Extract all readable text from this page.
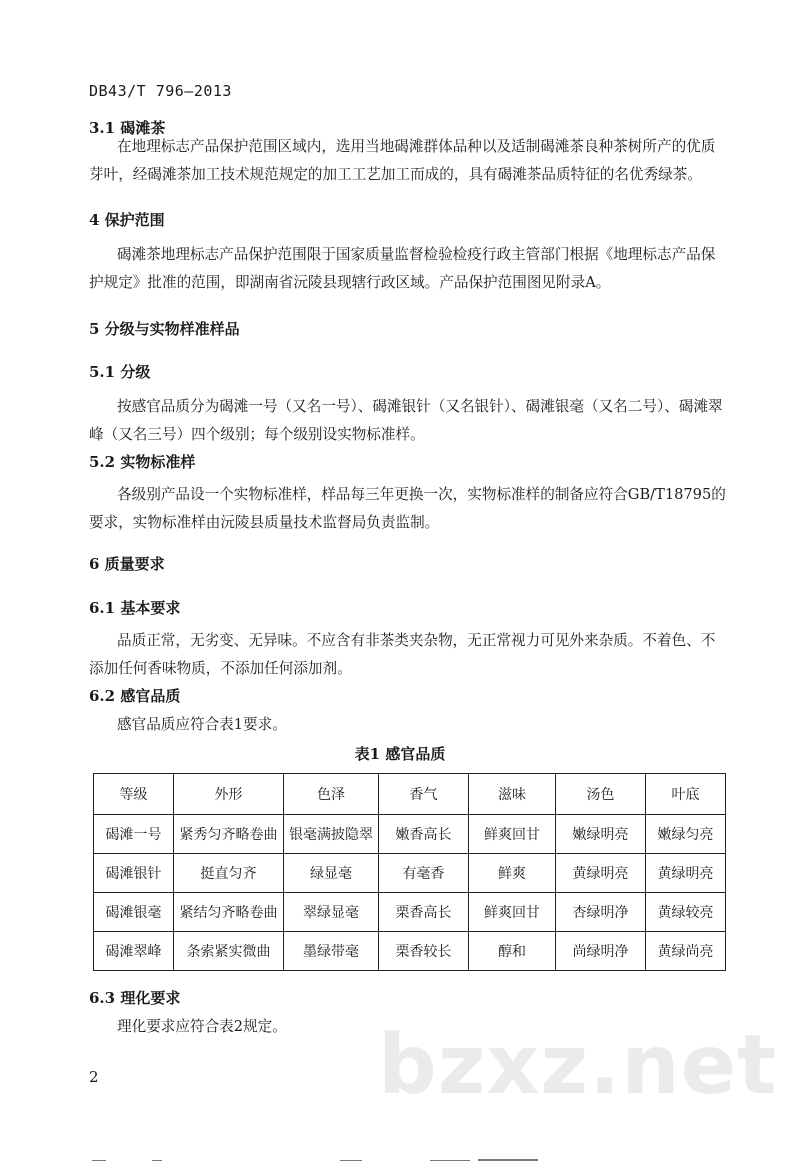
DB43/T 796—2013
3.1 碣滩茶
在地理标志产品保护范围区域内，选用当地碣滩群体品种以及适制碣滩茶良种茶树所产的优质芽叶，经碣滩茶加工技术规范规定的加工工艺加工而成的，具有碣滩茶品质特征的名优秀绿茶。
4 保护范围
碣滩茶地理标志产品保护范围限于国家质量监督检验检疫行政主管部门根据《地理标志产品保护规定》批准的范围，即湖南省沅陵县现辖行政区域。产品保护范围图见附录A。
5 分级与实物样准样品
5.1 分级
按感官品质分为碣滩一号（又名一号）、碣滩银针（又名银针）、碣滩银毫（又名二号）、碣滩翠峰（又名三号）四个级别；每个级别设实物标准样。
5.2 实物标准样
各级别产品设一个实物标准样，样品每三年更换一次，实物标准样的制备应符合GB/T18795的要求，实物标准样由沅陵县质量技术监督局负责监制。
6 质量要求
6.1 基本要求
品质正常，无劣变、无异味。不应含有非茶类夹杂物，无正常视力可见外来杂质。不着色、不添加任何香味物质，不添加任何添加剂。
6.2 感官品质
感官品质应符合表1要求。
表1 感官品质
等级	外形	色泽	香气	滋味	汤色	叶底
碣滩一号	紧秀匀齐略卷曲	银毫满披隐翠	嫩香高长	鲜爽回甘	嫩绿明亮	嫩绿匀亮
碣滩银针	挺直匀齐	绿显毫	有毫香	鲜爽	黄绿明亮	黄绿明亮
碣滩银毫	紧结匀齐略卷曲	翠绿显毫	栗香高长	鲜爽回甘	杏绿明净	黄绿较亮
碣滩翠峰	条索紧实微曲	墨绿带毫	栗香较长	醇和	尚绿明净	黄绿尚亮
6.3 理化要求
理化要求应符合表2规定。	bzxz.net
2
